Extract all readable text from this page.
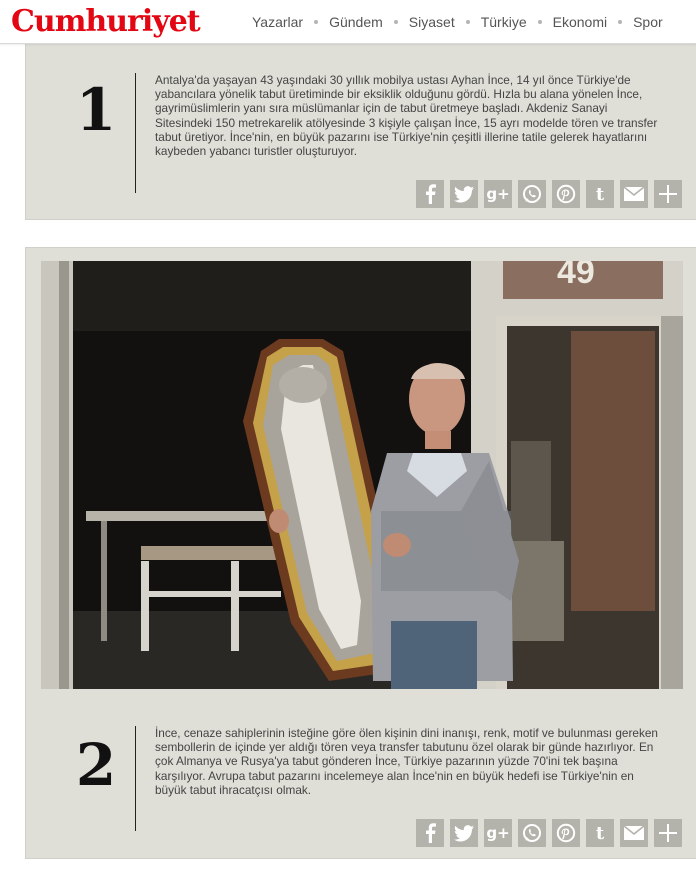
Cumhuriyet	Yazarlar Gündem Siyaset Türkiye Ekonomi Spor
1	Antalya'da yaşayan 43 yaşındaki 30 yıllık mobilya ustası Ayhan İnce, 14 yıl önce Türkiye'de yabancılara yönelik tabut üretiminde bir eksiklik olduğunu gördü. Hızla bu alana yönelen İnce, gayrimüslimlerin yanı sıra müslümanlar için de tabut üretmeye başladı. Akdeniz Sanayi Sitesindeki 150 metrekarelik atölyesinde 3 kişiyle çalışan İnce, 15 ayrı modelde tören ve transfer tabut üretiyor. İnce'nin, en büyük pazarını ise Türkiye'nin çeşitli illerine tatile gelerek hayatlarını kaybeden yabancı turistler oluşturuyor.

g+	t
49
2	İnce, cenaze sahiplerinin isteğine göre ölen kişinin dini inanışı, renk, motif ve bulunması gereken sembollerin de içinde yer aldığı tören veya transfer tabutunu özel olarak bir günde hazırlıyor. En çok Almanya ve Rusya'ya tabut gönderen İnce, Türkiye pazarının yüzde 70'ini tek başına karşılıyor. Avrupa tabut pazarını incelemeye alan İnce'nin en büyük hedefi ise Türkiye'nin en büyük tabut ihracatçısı olmak.

g+	t
